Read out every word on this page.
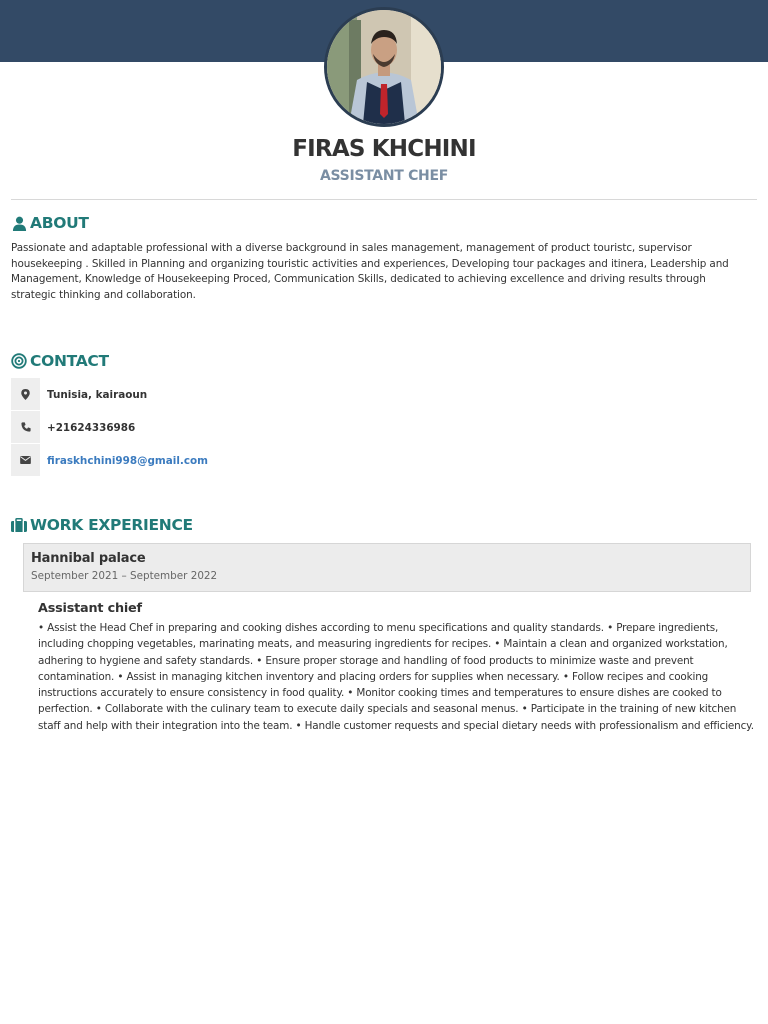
FIRAS KHCHINI
ASSISTANT CHEF
ABOUT
Passionate and adaptable professional with a diverse background in sales management, management of product touristc, supervisor housekeeping . Skilled in Planning and organizing touristic activities and experiences, Developing tour packages and itinera, Leadership and Management, Knowledge of Housekeeping Proced, Communication Skills, dedicated to achieving excellence and driving results through strategic thinking and collaboration.
CONTACT
Tunisia, kairaoun
+21624336986
firaskhchini998@gmail.com
WORK EXPERIENCE
Hannibal palace
September 2021 – September 2022
Assistant chief
• Assist the Head Chef in preparing and cooking dishes according to menu specifications and quality standards. • Prepare ingredients, including chopping vegetables, marinating meats, and measuring ingredients for recipes. • Maintain a clean and organized workstation, adhering to hygiene and safety standards. • Ensure proper storage and handling of food products to minimize waste and prevent contamination. • Assist in managing kitchen inventory and placing orders for supplies when necessary. • Follow recipes and cooking instructions accurately to ensure consistency in food quality. • Monitor cooking times and temperatures to ensure dishes are cooked to perfection. • Collaborate with the culinary team to execute daily specials and seasonal menus. • Participate in the training of new kitchen staff and help with their integration into the team. • Handle customer requests and special dietary needs with professionalism and efficiency.
